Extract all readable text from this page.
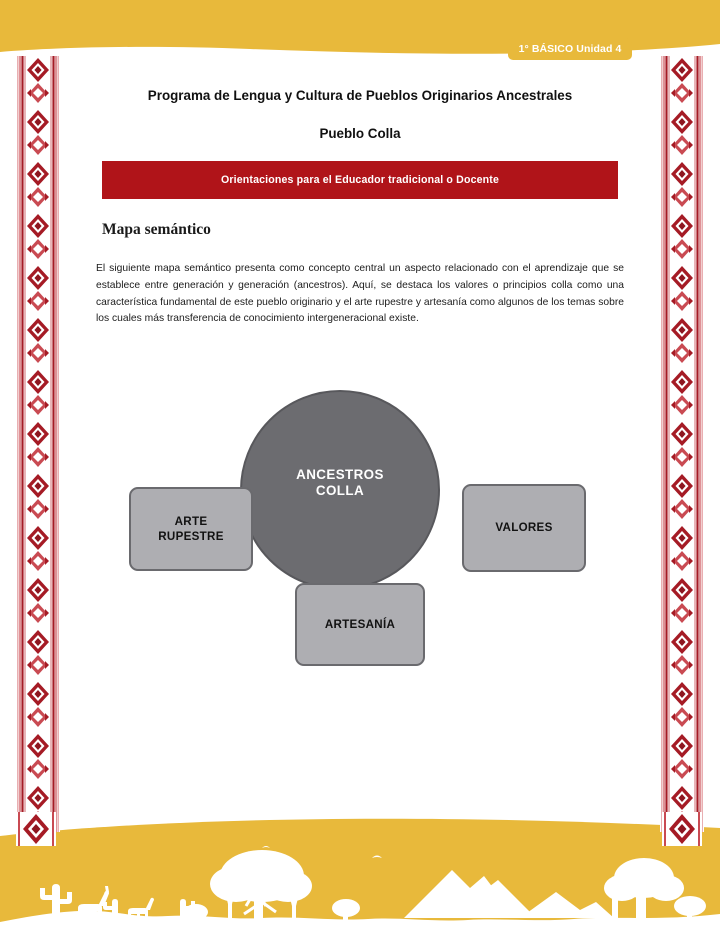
1° BÁSICO Unidad 4
Programa de Lengua y Cultura de Pueblos Originarios Ancestrales
Pueblo Colla
Orientaciones para el Educador tradicional o Docente
Mapa semántico

El siguiente mapa semántico presenta como concepto central un aspecto relacionado con el aprendizaje que se establece entre generación y generación (ancestros). Aquí, se destaca los valores o principios colla como una característica fundamental de este pueblo originario y el arte rupestre y artesanía como algunos de los temas sobre los cuales más transferencia de conocimiento intergeneracional existe.

ANCESTROS
COLLA
ARTE
RUPESTRE
VALORES
ARTESANÍA
